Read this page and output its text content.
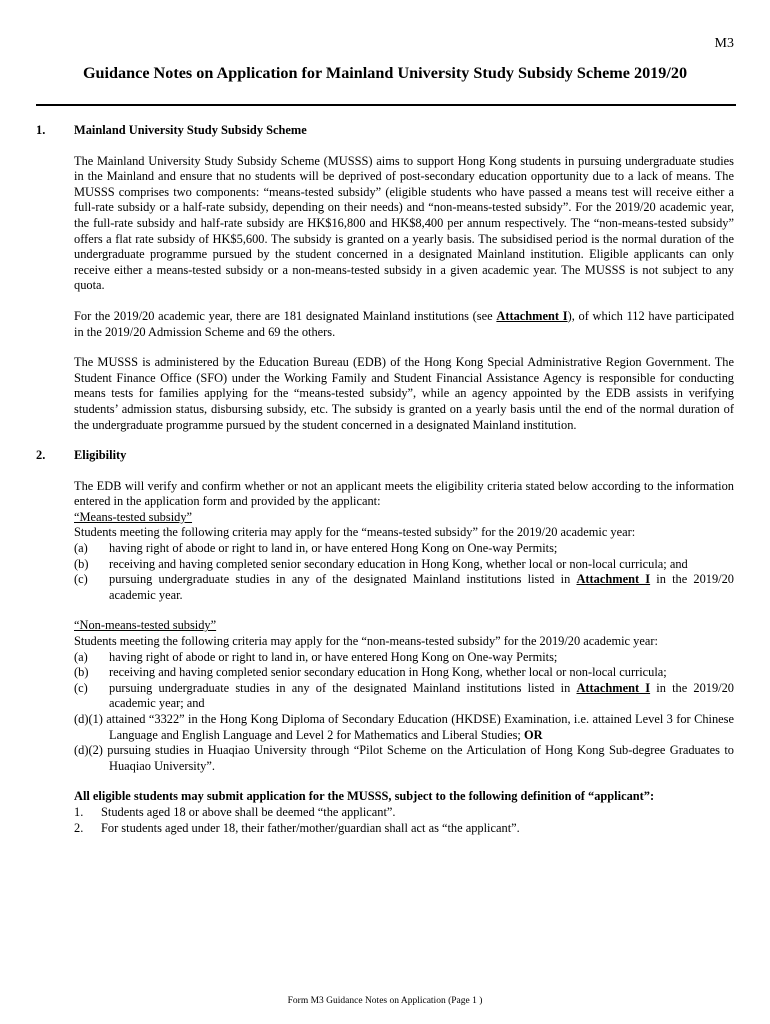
M3
Guidance Notes on Application for Mainland University Study Subsidy Scheme 2019/20
1.	Mainland University Study Subsidy Scheme

The Mainland University Study Subsidy Scheme (MUSSS) aims to support Hong Kong students in pursuing undergraduate studies in the Mainland and ensure that no students will be deprived of post-secondary education opportunity due to a lack of means. The MUSSS comprises two components: “means-tested subsidy” (eligible students who have passed a means test will receive either a full-rate subsidy or a half-rate subsidy, depending on their needs) and “non-means-tested subsidy”. For the 2019/20 academic year, the full-rate subsidy and half-rate subsidy are HK$16,800 and HK$8,400 per annum respectively. The “non-means-tested subsidy” offers a flat rate subsidy of HK$5,600. The subsidy is granted on a yearly basis. The subsidised period is the normal duration of the undergraduate programme pursued by the student concerned in a designated Mainland institution. Eligible applicants can only receive either a means-tested subsidy or a non-means-tested subsidy in a given academic year. The MUSSS is not subject to any quota.

For the 2019/20 academic year, there are 181 designated Mainland institutions (see Attachment I), of which 112 have participated in the 2019/20 Admission Scheme and 69 the others.

The MUSSS is administered by the Education Bureau (EDB) of the Hong Kong Special Administrative Region Government. The Student Finance Office (SFO) under the Working Family and Student Financial Assistance Agency is responsible for conducting means tests for families applying for the “means-tested subsidy”, while an agency appointed by the EDB assists in verifying students’ admission status, disbursing subsidy, etc. The subsidy is granted on a yearly basis until the end of the normal duration of the undergraduate programme pursued by the student concerned in a designated Mainland institution.

2.	Eligibility
The EDB will verify and confirm whether or not an applicant meets the eligibility criteria stated below according to the information entered in the application form and provided by the applicant:
“Means-tested subsidy”
Students meeting the following criteria may apply for the “means-tested subsidy” for the 2019/20 academic year:
(a)	having right of abode or right to land in, or have entered Hong Kong on One-way Permits;
(b)	receiving and having completed senior secondary education in Hong Kong, whether local or non-local curricula; and
(c)	pursuing undergraduate studies in any of the designated Mainland institutions listed in Attachment I in the 2019/20 academic year.
“Non-means-tested subsidy”
Students meeting the following criteria may apply for the “non-means-tested subsidy” for the 2019/20 academic year:
(a)	having right of abode or right to land in, or have entered Hong Kong on One-way Permits;
(b)	receiving and having completed senior secondary education in Hong Kong, whether local or non-local curricula;
(c)	pursuing undergraduate studies in any of the designated Mainland institutions listed in Attachment I in the 2019/20 academic year; and
(d)(1) attained “3322” in the Hong Kong Diploma of Secondary Education (HKDSE) Examination, i.e. attained Level 3 for Chinese Language and English Language and Level 2 for Mathematics and Liberal Studies; OR
(d)(2) pursuing studies in Huaqiao University through “Pilot Scheme on the Articulation of Hong Kong Sub-degree Graduates to Huaqiao University”.
All eligible students may submit application for the MUSSS, subject to the following definition of “applicant”:
1.	Students aged 18 or above shall be deemed “the applicant”.
2.	For students aged under 18, their father/mother/guardian shall act as “the applicant”.
Form M3 Guidance Notes on Application (Page 1 )
